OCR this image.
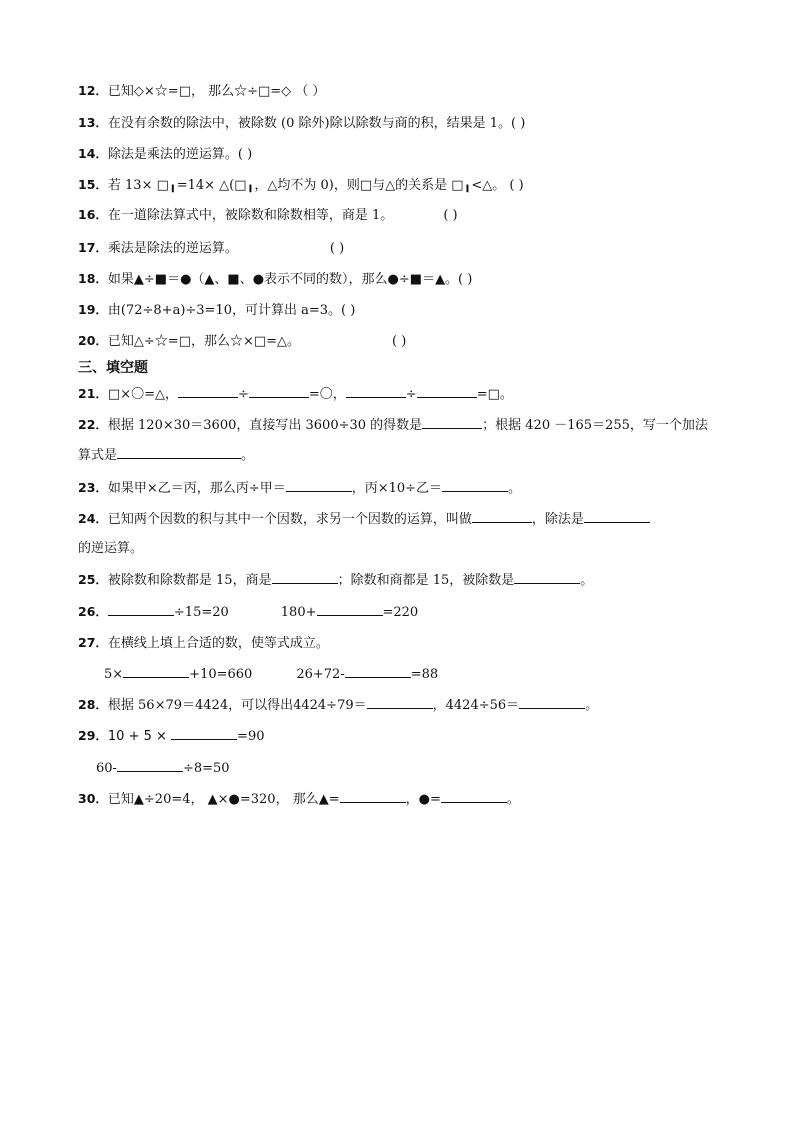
12．已知◇×☆=□， 那么☆÷□=◇ （ ）
13．在没有余数的除法中，被除数 (0 除外)除以除数与商的积，结果是 1。( )
14．除法是乘法的逆运算。( )
15．若 13× □╻=14× △(□╻，△均不为 0)，则□与△的关系是 □╻<△。 ( )
16．在一道除法算式中，被除数和除数相等，商是 1。	( )
17．乘法是除法的逆运算。	( )
18．如果▲÷■＝●（▲、■、●表示不同的数），那么●÷■＝▲。( )
19．由(72÷8+a)÷3=10，可计算出 a=3。( )
20．已知△÷☆=□，那么☆×□=△。	( )
三、填空题
21．□×〇=△，	÷	=〇，	÷	=□。
22．根据 120×30＝3600，直接写出 3600÷30 的得数是	；根据 420 －165＝255，写一个加法
算式是	。
23．如果甲×乙＝丙，那么丙÷甲＝	，丙×10÷乙＝	。
24．已知两个因数的积与其中一个因数，求另一个因数的运算，叫做	，除法是
的逆运算。
25．被除数和除数都是 15，商是	；除数和商都是 15，被除数是	。
26．	÷15=20	180+	=220
27．在横线上填上合适的数，使等式成立。
5×	+10=660	26+72-	=88
28．根据 56×79＝4424，可以得出4424÷79＝	，4424÷56＝	。
29．10 + 5 ×	=90
60-	÷8=50
30．已知▲÷20=4， ▲×●=320， 那么▲=	，●=	。
